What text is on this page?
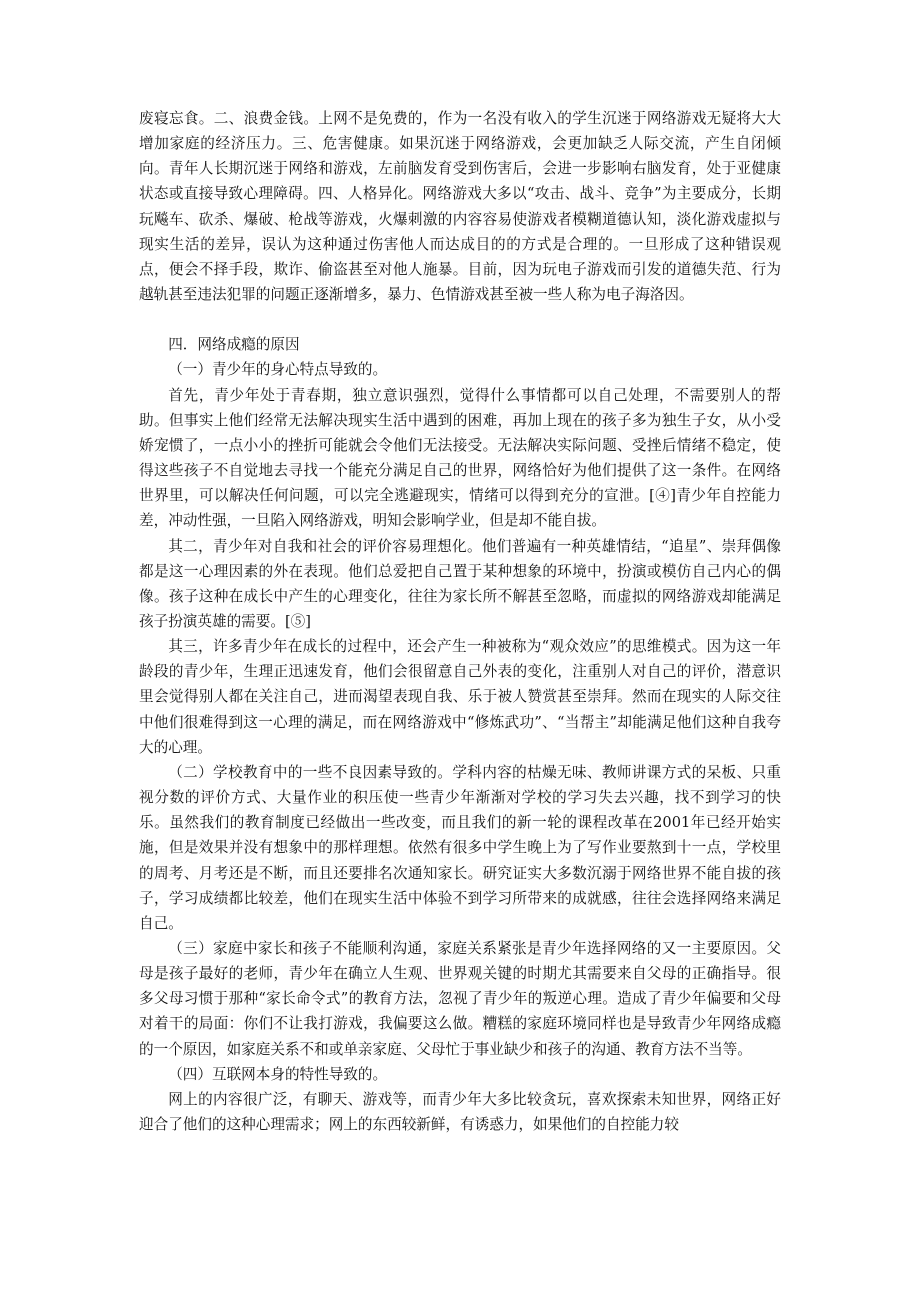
废寝忘食。二、浪费金钱。上网不是免费的，作为一名没有收入的学生沉迷于网络游戏无疑将大大增加家庭的经济压力。三、危害健康。如果沉迷于网络游戏，会更加缺乏人际交流，产生自闭倾向。青年人长期沉迷于网络和游戏，左前脑发育受到伤害后，会进一步影响右脑发育，处于亚健康状态或直接导致心理障碍。四、人格异化。网络游戏大多以“攻击、战斗、竞争”为主要成分，长期玩飚车、砍杀、爆破、枪战等游戏，火爆刺激的内容容易使游戏者模糊道德认知，淡化游戏虚拟与现实生活的差异，误认为这种通过伤害他人而达成目的的方式是合理的。一旦形成了这种错误观点，便会不择手段，欺诈、偷盗甚至对他人施暴。目前，因为玩电子游戏而引发的道德失范、行为越轨甚至违法犯罪的问题正逐渐增多，暴力、色情游戏甚至被一些人称为电子海洛因。

四．网络成瘾的原因

（一）青少年的身心特点导致的。

首先，青少年处于青春期，独立意识强烈，觉得什么事情都可以自己处理，不需要别人的帮助。但事实上他们经常无法解决现实生活中遇到的困难，再加上现在的孩子多为独生子女，从小受娇宠惯了，一点小小的挫折可能就会令他们无法接受。无法解决实际问题、受挫后情绪不稳定，使得这些孩子不自觉地去寻找一个能充分满足自己的世界，网络恰好为他们提供了这一条件。在网络世界里，可以解决任何问题，可以完全逃避现实，情绪可以得到充分的宣泄。[④]青少年自控能力差，冲动性强，一旦陷入网络游戏，明知会影响学业，但是却不能自拔。

其二，青少年对自我和社会的评价容易理想化。他们普遍有一种英雄情结，“追星”、崇拜偶像都是这一心理因素的外在表现。他们总爱把自己置于某种想象的环境中，扮演或模仿自己内心的偶像。孩子这种在成长中产生的心理变化，往往为家长所不解甚至忽略，而虚拟的网络游戏却能满足孩子扮演英雄的需要。[⑤]

其三，许多青少年在成长的过程中，还会产生一种被称为“观众效应”的思维模式。因为这一年龄段的青少年，生理正迅速发育，他们会很留意自己外表的变化，注重别人对自己的评价，潜意识里会觉得别人都在关注自己，进而渴望表现自我、乐于被人赞赏甚至崇拜。然而在现实的人际交往中他们很难得到这一心理的满足，而在网络游戏中“修炼武功”、“当帮主”却能满足他们这种自我夸大的心理。

（二）学校教育中的一些不良因素导致的。学科内容的枯燥无味、教师讲课方式的呆板、只重视分数的评价方式、大量作业的积压使一些青少年渐渐对学校的学习失去兴趣，找不到学习的快乐。虽然我们的教育制度已经做出一些改变，而且我们的新一轮的课程改革在2001年已经开始实施，但是效果并没有想象中的那样理想。依然有很多中学生晚上为了写作业要熬到十一点，学校里的周考、月考还是不断，而且还要排名次通知家长。研究证实大多数沉溺于网络世界不能自拔的孩子，学习成绩都比较差，他们在现实生活中体验不到学习所带来的成就感，往往会选择网络来满足自己。

（三）家庭中家长和孩子不能顺利沟通，家庭关系紧张是青少年选择网络的又一主要原因。父母是孩子最好的老师，青少年在确立人生观、世界观关键的时期尤其需要来自父母的正确指导。很多父母习惯于那种“家长命令式”的教育方法，忽视了青少年的叛逆心理。造成了青少年偏要和父母对着干的局面：你们不让我打游戏，我偏要这么做。糟糕的家庭环境同样也是导致青少年网络成瘾的一个原因，如家庭关系不和或单亲家庭、父母忙于事业缺少和孩子的沟通、教育方法不当等。

（四）互联网本身的特性导致的。

网上的内容很广泛，有聊天、游戏等，而青少年大多比较贪玩，喜欢探索未知世界，网络正好迎合了他们的这种心理需求；网上的东西较新鲜，有诱惑力，如果他们的自控能力较
